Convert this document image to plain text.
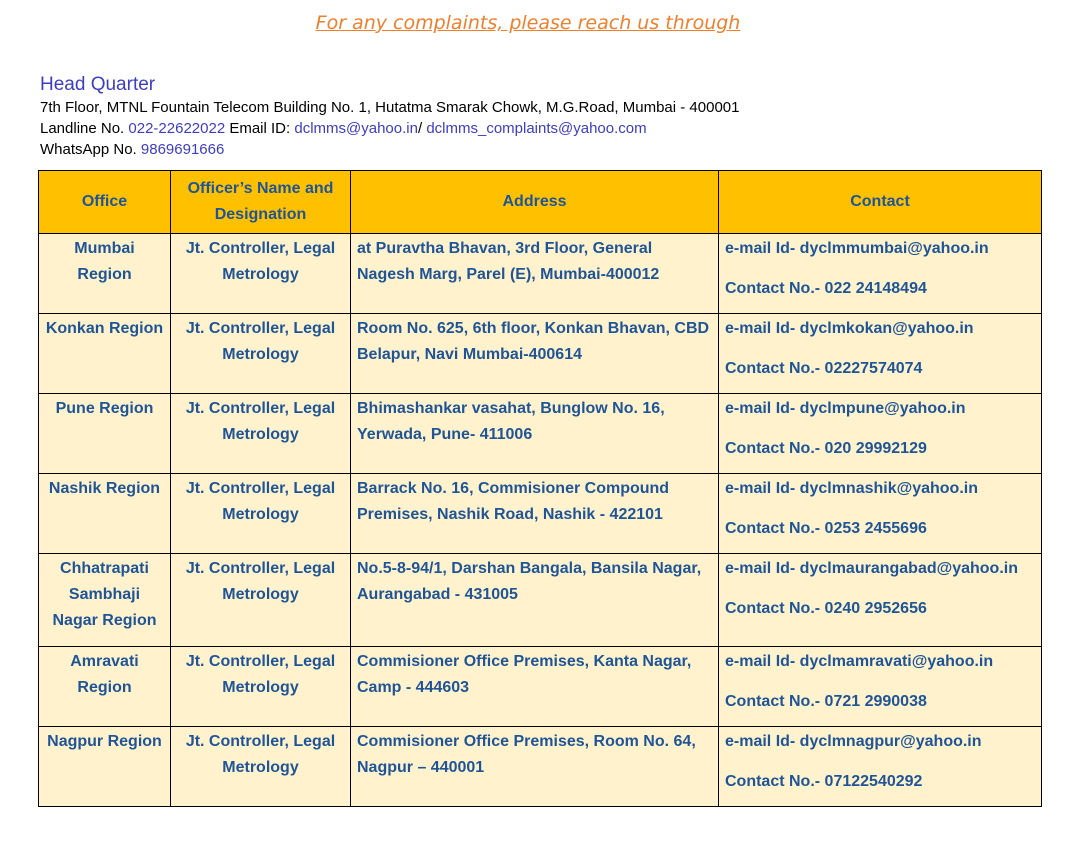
For any complaints, please reach us through
Head Quarter
7th Floor, MTNL Fountain Telecom Building No. 1, Hutatma Smarak Chowk, M.G.Road, Mumbai - 400001
Landline No. 022-22622022 Email ID: dclmms@yahoo.in/ dclmms_complaints@yahoo.com
WhatsApp No. 9869691666
Office	Officer’s Name and Designation	Address	Contact
Mumbai Region	Jt. Controller, Legal Metrology	at Puravtha Bhavan, 3rd Floor, General Nagesh Marg, Parel (E), Mumbai-400012	e-mail Id- dyclmmumbai@yahoo.in
Contact No.- 022 24148494

Konkan Region	Jt. Controller, Legal Metrology	Room No. 625, 6th floor, Konkan Bhavan, CBD Belapur, Navi Mumbai-400614	e-mail Id- dyclmkokan@yahoo.in
Contact No.- 02227574074

Pune Region	Jt. Controller, Legal Metrology	Bhimashankar vasahat, Bunglow No. 16, Yerwada, Pune- 411006	e-mail Id- dyclmpune@yahoo.in
Contact No.- 020 29992129

Nashik Region	Jt. Controller, Legal Metrology	Barrack No. 16, Commisioner Compound Premises, Nashik Road, Nashik - 422101	e-mail Id- dyclmnashik@yahoo.in
Contact No.- 0253 2455696

Chhatrapati Sambhaji Nagar Region	Jt. Controller, Legal Metrology	No.5-8-94/1, Darshan Bangala, Bansila Nagar, Aurangabad - 431005	e-mail Id- dyclmaurangabad@yahoo.in
Contact No.- 0240 2952656

Amravati Region	Jt. Controller, Legal Metrology	Commisioner Office Premises, Kanta Nagar, Camp - 444603	e-mail Id- dyclmamravati@yahoo.in
Contact No.- 0721 2990038

Nagpur Region	Jt. Controller, Legal Metrology	Commisioner Office Premises, Room No. 64, Nagpur – 440001	e-mail Id- dyclmnagpur@yahoo.in
Contact No.- 07122540292
